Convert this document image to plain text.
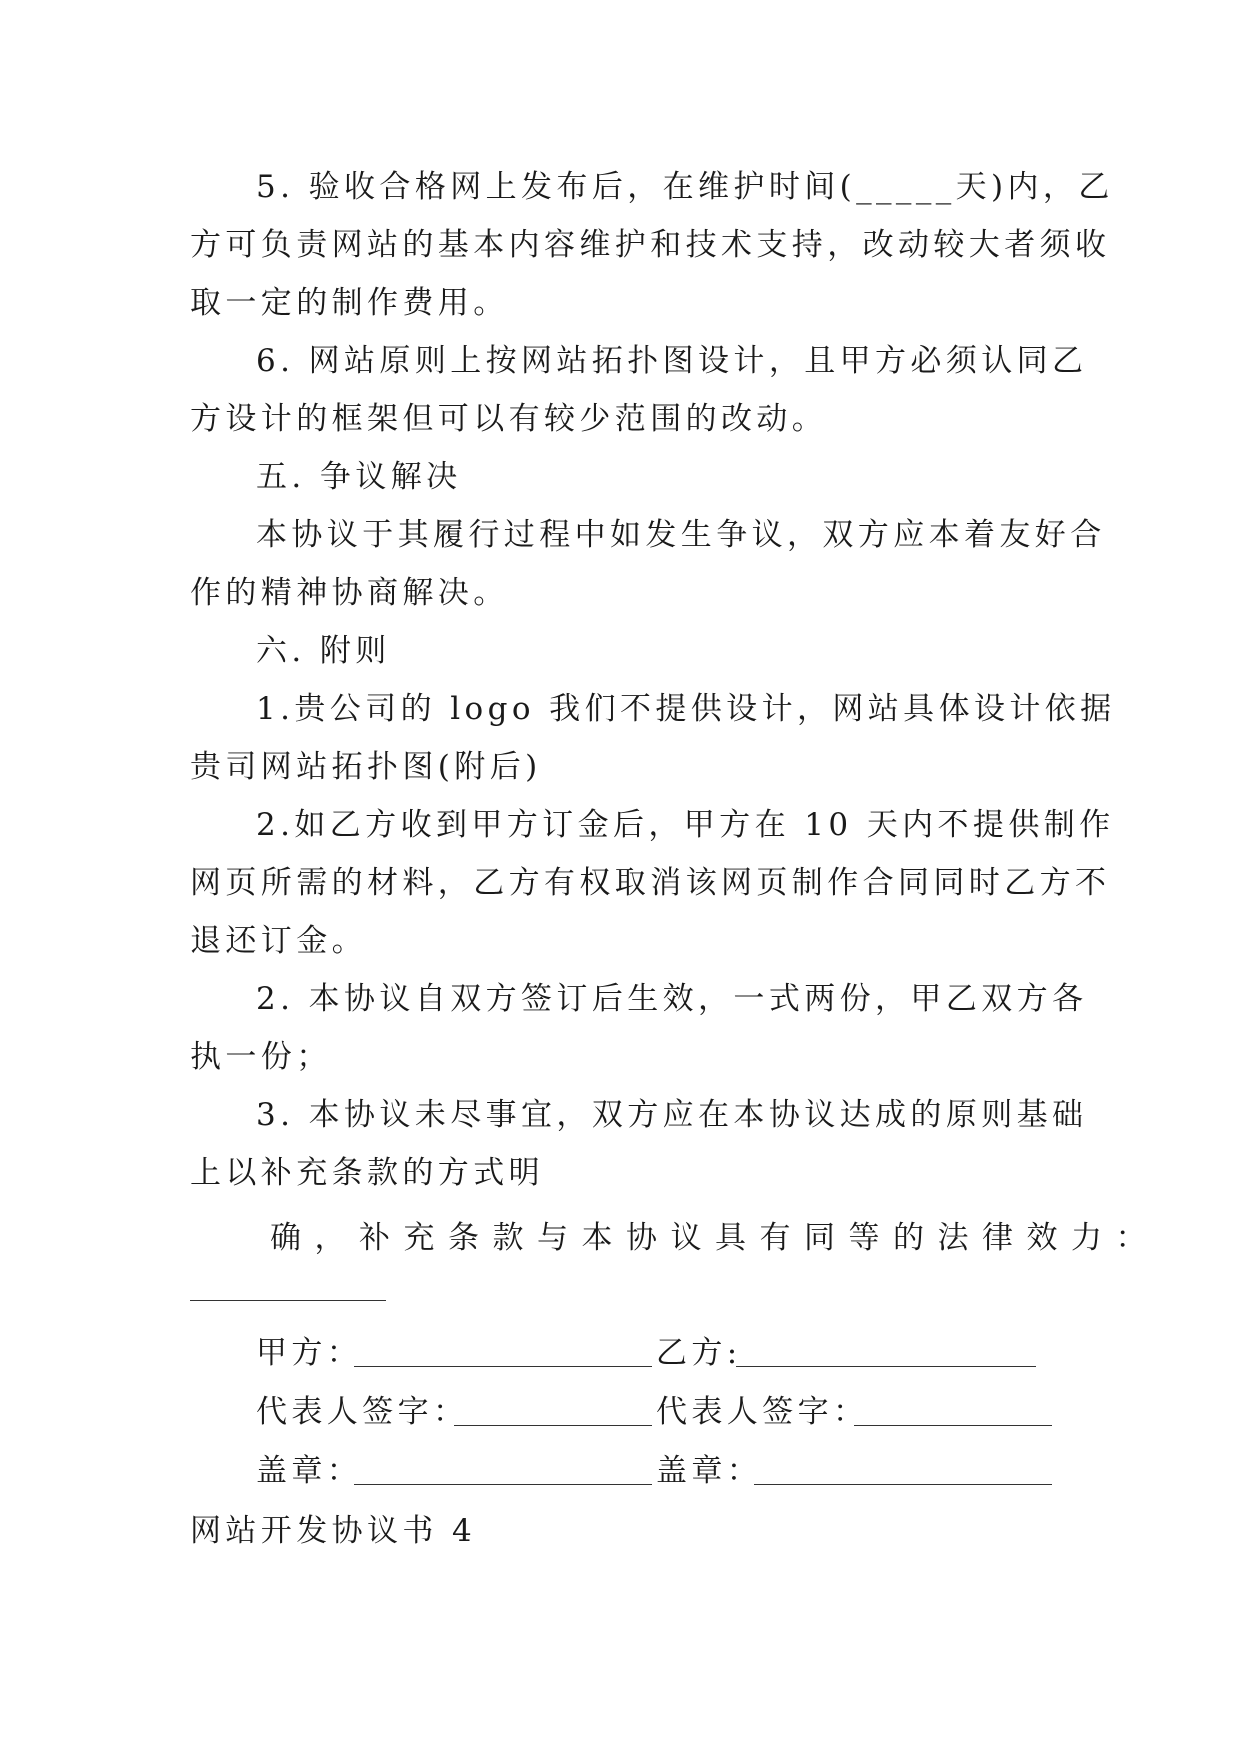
5. 验收合格网上发布后，在维护时间(_____天)内，乙
方可负责网站的基本内容维护和技术支持，改动较大者须收
取一定的制作费用。
6. 网站原则上按网站拓扑图设计，且甲方必须认同乙
方设计的框架但可以有较少范围的改动。
五. 争议解决
本协议于其履行过程中如发生争议，双方应本着友好合
作的精神协商解决。
六. 附则
1.贵公司的 logo 我们不提供设计，网站具体设计依据
贵司网站拓扑图(附后)
2.如乙方收到甲方订金后，甲方在 10 天内不提供制作
网页所需的材料，乙方有权取消该网页制作合同同时乙方不
退还订金。
2. 本协议自双方签订后生效，一式两份，甲乙双方各
执一份；
3. 本协议未尽事宜，双方应在本协议达成的原则基础
上以补充条款的方式明
确，补充条款与本协议具有同等的法律效力：
甲方：	乙方:
代表人签字：	代表人签字：
盖章：	盖章：
网站开发协议书 4
